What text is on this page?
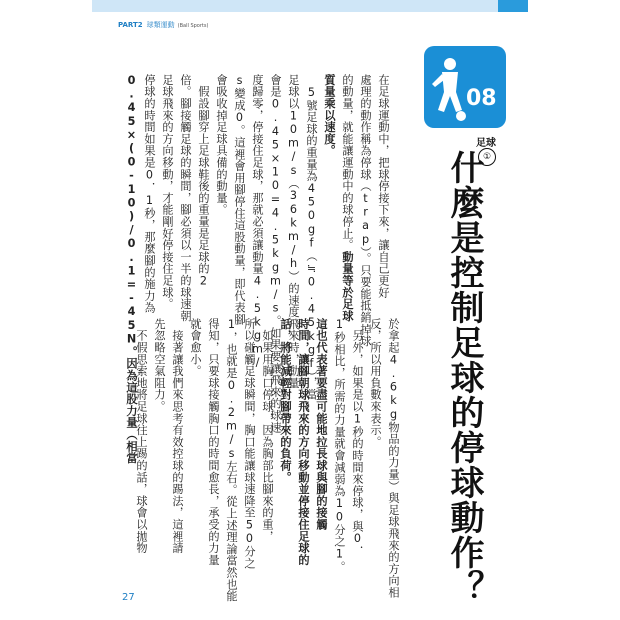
PART2 球類運動 (Ball Sports)
在足球運動中，把球停接下來，讓自己更好
處理的動作稱為停球（trap）。只要能抵銷掉球
的動量，就能讓運動中的球停止。動量等於足球
質量乘以速度。
　5號足球的重量為450gf（≒0.45kgf），當
足球以10m/s（36km/h）的速度飛來時，動量
會是0.45×10=4.5kgm/s。如果要讓飛來的球速
度歸零，停接住足球，那就必須讓動量4.5kgm/
s變成0。這裡會用腳停住這股動量，即代表腳
會吸收掉足球具備的動量。
　假設腳穿上足球鞋後的重量是足球的2
倍。腳接觸足球的瞬間，腳必須以一半的球速朝
足球飛來的方向移動，才能剛好停接住足球。
停球的時間如果是0．1秒，那麼腳的施力為
0.45×(0-10)/0.1=-45N。因為這股力量（相當	於拿起4.6kg物品的力量）與足球飛來的方向相
反，所以用負數來表示。
　另外，如果是以1秒的時間來停球，與0．
1秒相比，所需的力量就會減弱為10分之1。
這也代表著要盡可能地拉長球與腳的接觸
時間，讓腳朝球飛來的方向移動並停接住足球的
話，將能減輕對腳帶來的負荷。
　如果用胸口停球，因為胸部比腳來的重，
所以碰觸足球瞬間，胸口能讓球速降至50分之
1，也就是0.2m/s左右。從上述理論當然也能
得知，只要球接觸胸口的時間愈長，承受的力量
就會愈小。
　接著讓我們來思考有效控球的踢法，這裡請
先忽略空氣阻力。
　不假思索地將足球往上踢的話，球會以拋物
08
足球
①
什麼是控制足球的停球動作？
27
